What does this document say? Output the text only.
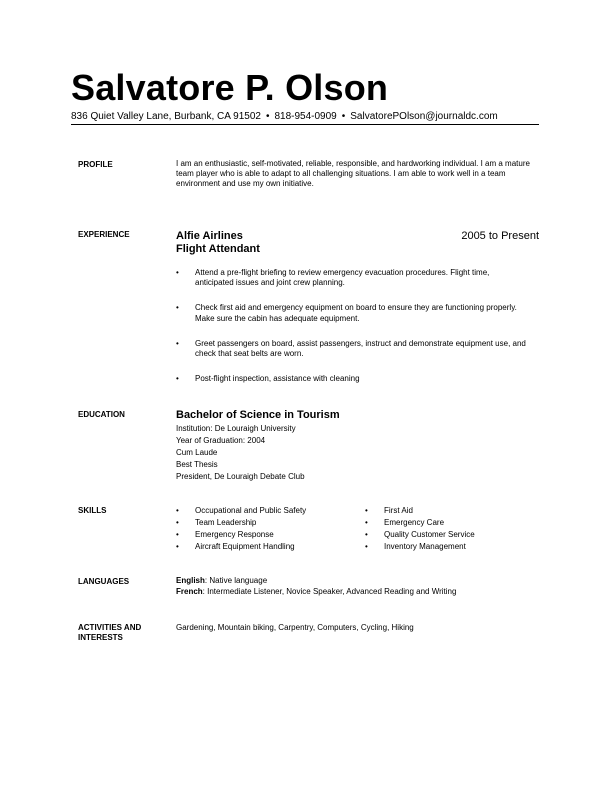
Salvatore P. Olson
836 Quiet Valley Lane, Burbank, CA 91502 • 818-954-0909 • SalvatorePOlson@journaldc.com
PROFILE	I am an enthusiastic, self-motivated, reliable, responsible, and hardworking individual. I am a mature team player who is able to adapt to all challenging situations. I am able to work well in a team environment and use my own initiative.
EXPERIENCE	Alfie Airlines	2005 to Present
Flight Attendant
• Attend a pre-flight briefing to review emergency evacuation procedures. Flight time, anticipated issues and joint crew planning.
• Check first aid and emergency equipment on board to ensure they are functioning properly. Make sure the cabin has adequate equipment.
• Greet passengers on board, assist passengers, instruct and demonstrate equipment use, and check that seat belts are worn.
• Post-flight inspection, assistance with cleaning
EDUCATION	Bachelor of Science in Tourism
Institution: De Louraigh University
Year of Graduation: 2004
Cum Laude
Best Thesis
President, De Louraigh Debate Club
SKILLS	• Occupational and Public Safety
• Team Leadership
• Emergency Response
• Aircraft Equipment Handling
• First Aid
• Emergency Care
• Quality Customer Service
• Inventory Management
LANGUAGES	English: Native language
French: Intermediate Listener, Novice Speaker, Advanced Reading and Writing
ACTIVITIES AND
INTERESTS
Gardening, Mountain biking, Carpentry, Computers, Cycling, Hiking
